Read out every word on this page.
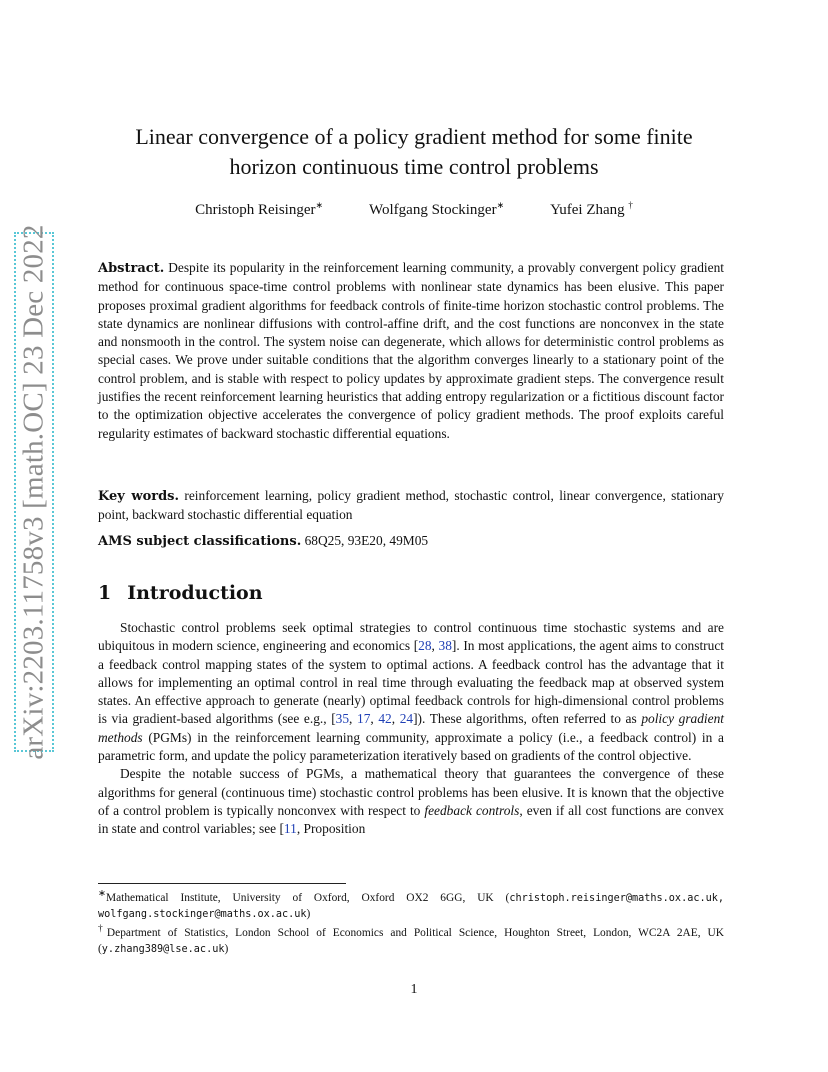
arXiv:2203.11758v3 [math.OC] 23 Dec 2022
Linear convergence of a policy gradient method for some finite horizon continuous time control problems
Christoph Reisinger∗	Wolfgang Stockinger∗	Yufei Zhang †
Abstract. Despite its popularity in the reinforcement learning community, a provably convergent policy gradient method for continuous space-time control problems with nonlinear state dynamics has been elusive. This paper proposes proximal gradient algorithms for feedback controls of finite-time horizon stochastic control problems. The state dynamics are nonlinear diffusions with control-affine drift, and the cost functions are nonconvex in the state and nonsmooth in the control. The system noise can degenerate, which allows for deterministic control problems as special cases. We prove under suitable conditions that the algorithm converges linearly to a stationary point of the control problem, and is stable with respect to policy updates by approximate gradient steps. The convergence result justifies the recent reinforcement learning heuristics that adding entropy regularization or a fictitious discount factor to the optimization objective accelerates the convergence of policy gradient methods. The proof exploits careful regularity estimates of backward stochastic differential equations.
Key words. reinforcement learning, policy gradient method, stochastic control, linear convergence, stationary point, backward stochastic differential equation
AMS subject classifications. 68Q25, 93E20, 49M05
1 Introduction
Stochastic control problems seek optimal strategies to control continuous time stochastic systems and are ubiquitous in modern science, engineering and economics [28, 38]. In most applications, the agent aims to construct a feedback control mapping states of the system to optimal actions. A feedback control has the advantage that it allows for implementing an optimal control in real time through evaluating the feedback map at observed system states. An effective approach to generate (nearly) optimal feedback controls for high-dimensional control problems is via gradient-based algorithms (see e.g., [35, 17, 42, 24]). These algorithms, often referred to as policy gradient methods (PGMs) in the reinforcement learning community, approximate a policy (i.e., a feedback control) in a parametric form, and update the policy parameterization iteratively based on gradients of the control objective.
Despite the notable success of PGMs, a mathematical theory that guarantees the convergence of these algorithms for general (continuous time) stochastic control problems has been elusive. It is known that the objective of a control problem is typically nonconvex with respect to feedback controls, even if all cost functions are convex in state and control variables; see [11, Proposition
∗Mathematical Institute, University of Oxford, Oxford OX2 6GG, UK (christoph.reisinger@maths.ox.ac.uk, wolfgang.stockinger@maths.ox.ac.uk)
†Department of Statistics, London School of Economics and Political Science, Houghton Street, London, WC2A 2AE, UK (y.zhang389@lse.ac.uk)
1
